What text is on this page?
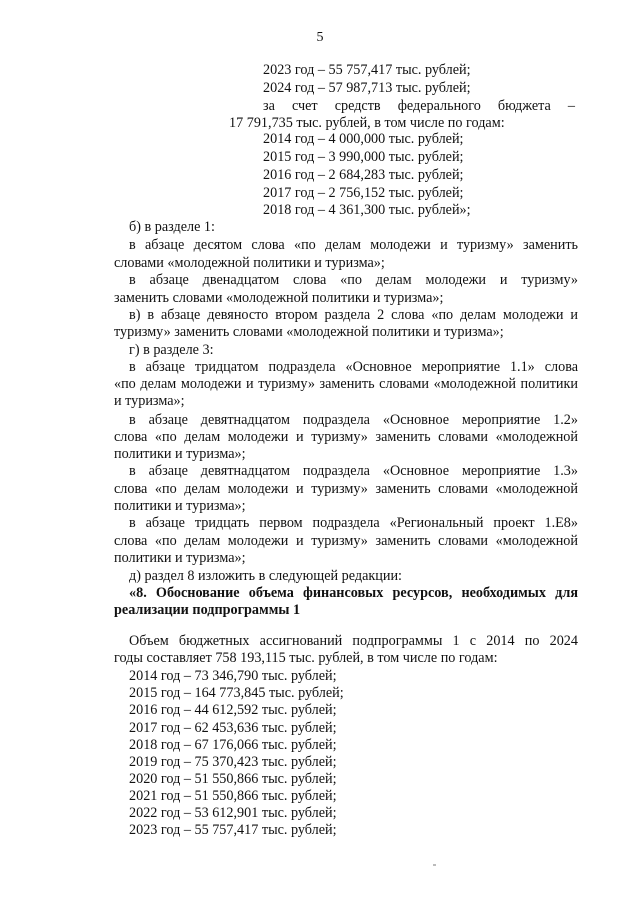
5
2023 год – 55 757,417 тыс. рублей;
2024 год – 57 987,713 тыс. рублей;
за счет средств федерального бюджета –
17 791,735 тыс. рублей, в том числе по годам:
2014 год – 4 000,000 тыс. рублей;
2015 год – 3 990,000 тыс. рублей;
2016 год – 2 684,283 тыс. рублей;
2017 год – 2 756,152 тыс. рублей;
2018 год – 4 361,300 тыс. рублей»;
б) в разделе 1:
в абзаце десятом слова «по делам молодежи и туризму» заменить
словами «молодежной политики и туризма»;
в абзаце двенадцатом слова «по делам молодежи и туризму»
заменить словами «молодежной политики и туризма»;
в) в абзаце девяносто втором раздела 2 слова «по делам молодежи и
туризму» заменить словами «молодежной политики и туризма»;
г) в разделе 3:
в абзаце тридцатом подраздела «Основное мероприятие 1.1» слова
«по делам молодежи и туризму» заменить словами «молодежной политики
и туризма»;
в абзаце девятнадцатом подраздела «Основное мероприятие 1.2»
слова «по делам молодежи и туризму» заменить словами «молодежной
политики и туризма»;
в абзаце девятнадцатом подраздела «Основное мероприятие 1.3»
слова «по делам молодежи и туризму» заменить словами «молодежной
политики и туризма»;
в абзаце тридцать первом подраздела «Региональный проект 1.Е8»
слова «по делам молодежи и туризму» заменить словами «молодежной
политики и туризма»;
д) раздел 8 изложить в следующей редакции:
«8. Обоснование объема финансовых ресурсов, необходимых для
реализации подпрограммы 1
Объем бюджетных ассигнований подпрограммы 1 с 2014 по 2024
годы составляет 758 193,115 тыс. рублей, в том числе по годам:
2014 год – 73 346,790 тыс. рублей;
2015 год – 164 773,845 тыс. рублей;
2016 год – 44 612,592 тыс. рублей;
2017 год – 62 453,636 тыс. рублей;
2018 год – 67 176,066 тыс. рублей;
2019 год – 75 370,423 тыс. рублей;
2020 год – 51 550,866 тыс. рублей;
2021 год – 51 550,866 тыс. рублей;
2022 год – 53 612,901 тыс. рублей;
2023 год – 55 757,417 тыс. рублей;
